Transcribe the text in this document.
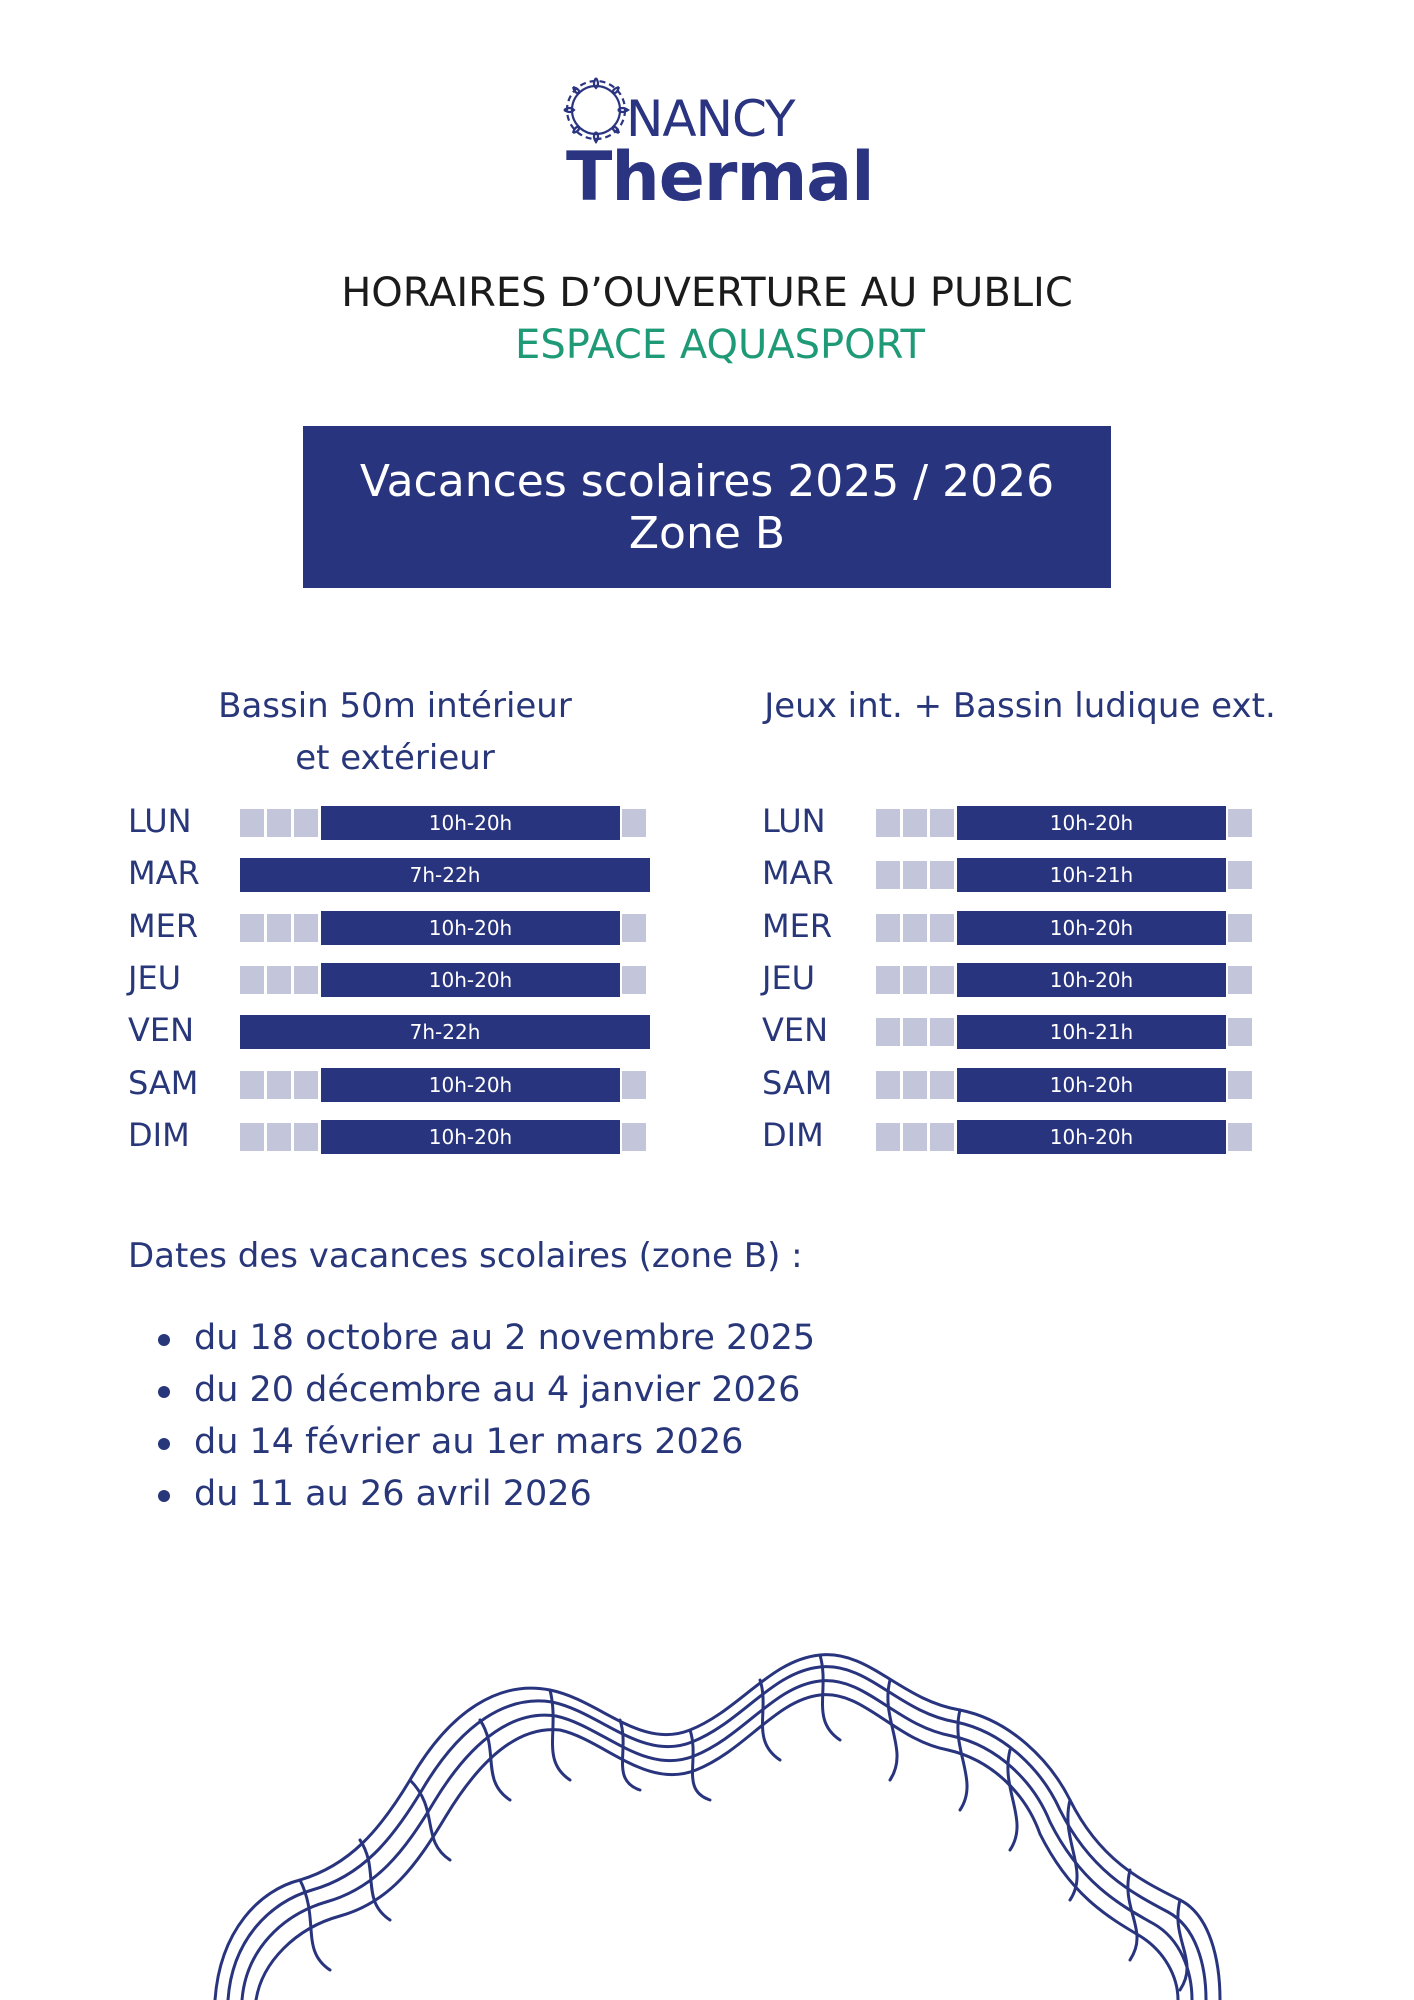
NANCY
Thermal
HORAIRES D’OUVERTURE AU PUBLIC
ESPACE AQUASPORT
Vacances scolaires 2025 / 2026
Zone B
Bassin 50m intérieur
et extérieur
Jeux int. + Bassin ludique ext.
LUN	10h-20h
MAR	7h-22h
MER	10h-20h
JEU	10h-20h
VEN	7h-22h
SAM	10h-20h
DIM	10h-20h
LUN	10h-20h
MAR	10h-21h
MER	10h-20h
JEU	10h-20h
VEN	10h-21h
SAM	10h-20h
DIM	10h-20h
Dates des vacances scolaires (zone B) :
du 18 octobre au 2 novembre 2025
du 20 décembre au 4 janvier 2026
du 14 février au 1er mars 2026
du 11 au 26 avril 2026
